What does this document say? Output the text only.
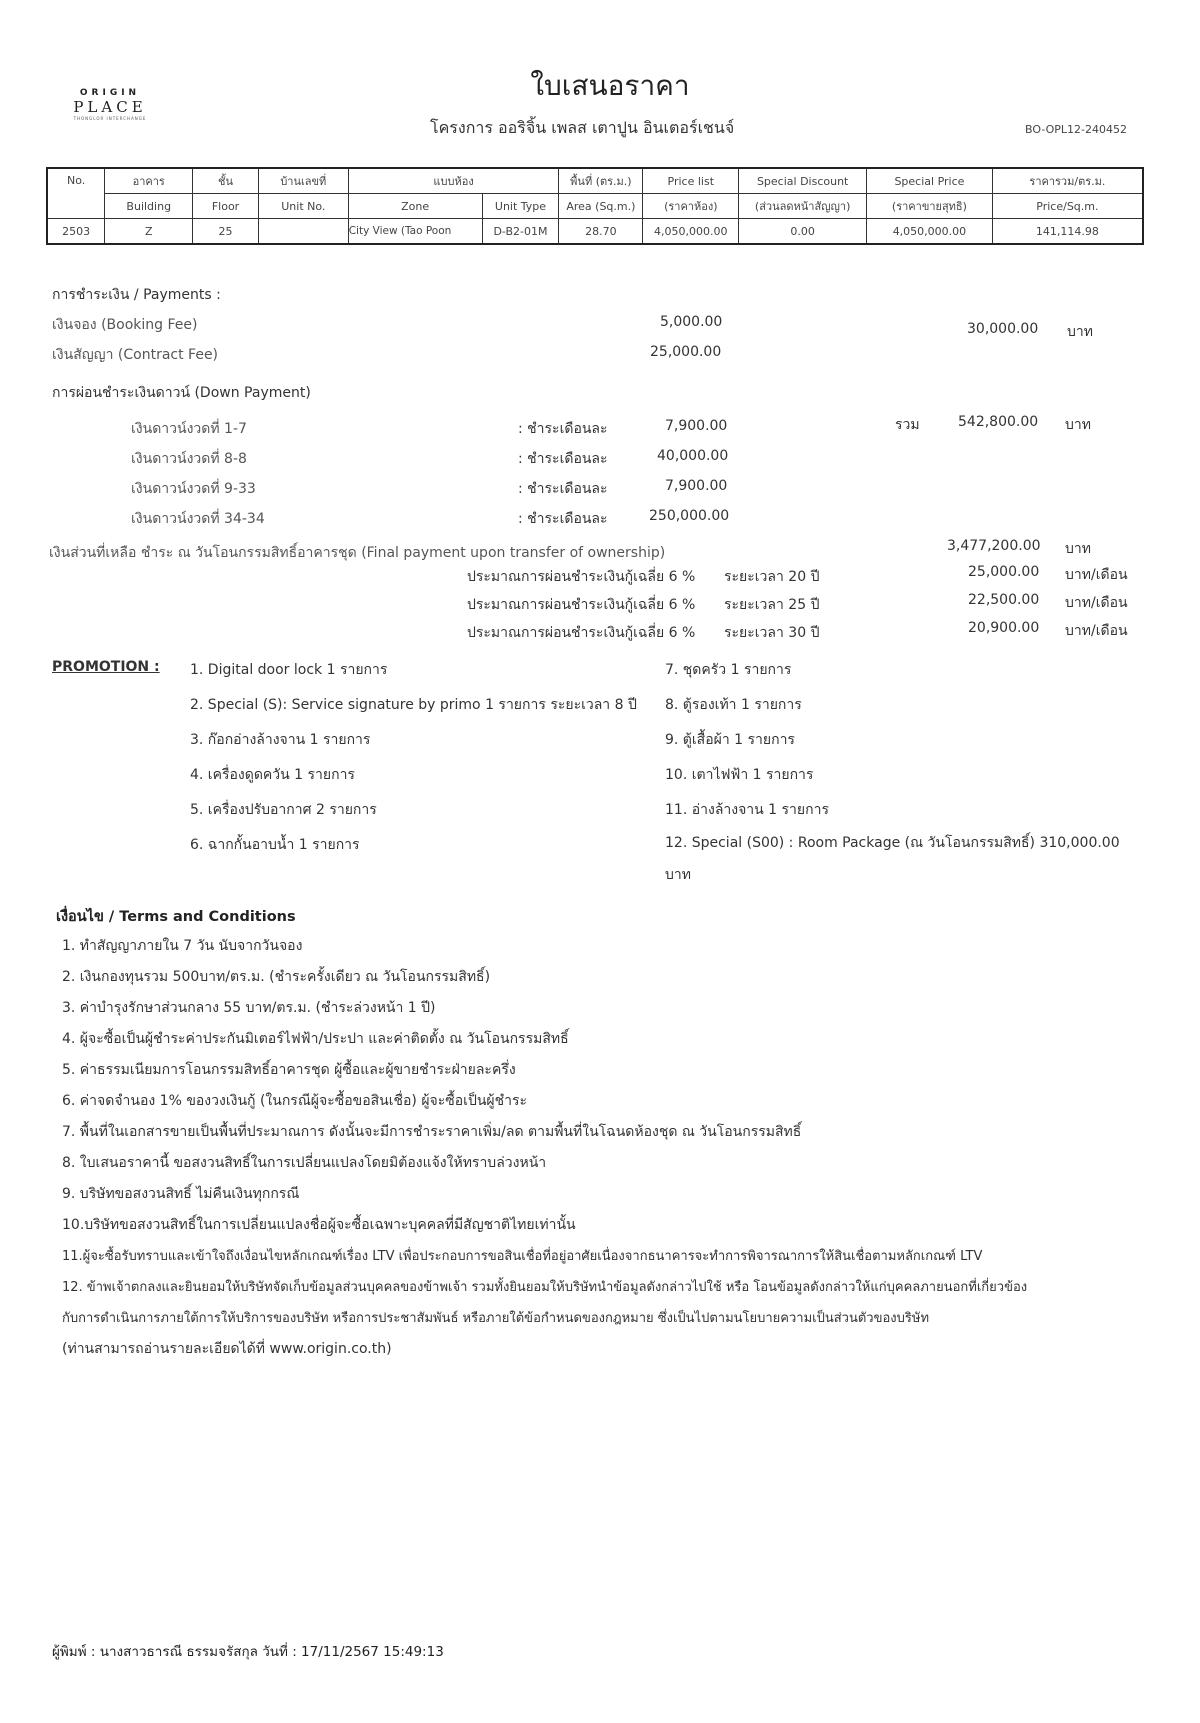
ORIGIN
PLACE
THONGLOR INTERCHANGE
ใบเสนอราคา
โครงการ ออริจิ้น เพลส เตาปูน อินเตอร์เชนจ์	BO-OPL12-240452
No.	อาคาร	ชั้น	บ้านเลขที่	แบบห้อง		พื้นที่ (ตร.ม.)	Price list	Special Discount	Special Price	ราคารวม/ตร.ม.
	Building	Floor	Unit No.	Zone	Unit Type	Area (Sq.m.)	(ราคาห้อง)	(ส่วนลดหน้าสัญญา)	(ราคาขายสุทธิ)	Price/Sq.m.
2503	Z	25		City View (Tao Poon	D-B2-01M	28.70	4,050,000.00	0.00	4,050,000.00	141,114.98
การชำระเงิน / Payments :
เงินจอง (Booking Fee)	5,000.00
เงินสัญญา (Contract Fee)	25,000.00
30,000.00 บาท
การผ่อนชำระเงินดาวน์ (Down Payment)
เงินดาวน์งวดที่ 1-7	: ชำระเดือนละ	7,900.00	รวม	542,800.00 บาท
เงินดาวน์งวดที่ 8-8	: ชำระเดือนละ	40,000.00
เงินดาวน์งวดที่ 9-33	: ชำระเดือนละ	7,900.00
เงินดาวน์งวดที่ 34-34	: ชำระเดือนละ	250,000.00
เงินส่วนที่เหลือ ชำระ ณ วันโอนกรรมสิทธิ์อาคารชุด (Final payment upon transfer of ownership)	3,477,200.00 บาท
ประมาณการผ่อนชำระเงินกู้เฉลี่ย 6 % ระยะเวลา 20 ปี	25,000.00 บาท/เดือน
ประมาณการผ่อนชำระเงินกู้เฉลี่ย 6 % ระยะเวลา 25 ปี	22,500.00 บาท/เดือน
ประมาณการผ่อนชำระเงินกู้เฉลี่ย 6 % ระยะเวลา 30 ปี	20,900.00 บาท/เดือน
PROMOTION : 1. Digital door lock 1 รายการ
2. Special (S): Service signature by primo 1 รายการ ระยะเวลา 8 ปี
3. ก๊อกอ่างล้างจาน 1 รายการ
4. เครื่องดูดควัน 1 รายการ
5. เครื่องปรับอากาศ 2 รายการ
6. ฉากกั้นอาบน้ำ 1 รายการ
7. ชุดครัว 1 รายการ
8. ตู้รองเท้า 1 รายการ
9. ตู้เสื้อผ้า 1 รายการ
10. เตาไฟฟ้า 1 รายการ
11. อ่างล้างจาน 1 รายการ
12. Special (S00) : Room Package (ณ วันโอนกรรมสิทธิ์) 310,000.00
บาท
เงื่อนไข / Terms and Conditions
1. ทำสัญญาภายใน 7 วัน นับจากวันจอง
2. เงินกองทุนรวม 500บาท/ตร.ม. (ชำระครั้งเดียว ณ วันโอนกรรมสิทธิ์)
3. ค่าบำรุงรักษาส่วนกลาง 55 บาท/ตร.ม. (ชำระล่วงหน้า 1 ปี)
4. ผู้จะซื้อเป็นผู้ชำระค่าประกันมิเตอร์ไฟฟ้า/ประปา และค่าติดตั้ง ณ วันโอนกรรมสิทธิ์
5. ค่าธรรมเนียมการโอนกรรมสิทธิ์อาคารชุด ผู้ซื้อและผู้ขายชำระฝ่ายละครึ่ง
6. ค่าจดจำนอง 1% ของวงเงินกู้ (ในกรณีผู้จะซื้อขอสินเชื่อ) ผู้จะซื้อเป็นผู้ชำระ
7. พื้นที่ในเอกสารขายเป็นพื้นที่ประมาณการ ดังนั้นจะมีการชำระราคาเพิ่ม/ลด ตามพื้นที่ในโฉนดห้องชุด ณ วันโอนกรรมสิทธิ์
8. ใบเสนอราคานี้ ขอสงวนสิทธิ์ในการเปลี่ยนแปลงโดยมิต้องแจ้งให้ทราบล่วงหน้า
9. บริษัทขอสงวนสิทธิ์ ไม่คืนเงินทุกกรณี
10.บริษัทขอสงวนสิทธิ์ในการเปลี่ยนแปลงชื่อผู้จะซื้อเฉพาะบุคคลที่มีสัญชาติไทยเท่านั้น
11.ผู้จะซื้อรับทราบและเข้าใจถึงเงื่อนไขหลักเกณฑ์เรื่อง LTV เพื่อประกอบการขอสินเชื่อที่อยู่อาศัยเนื่องจากธนาคารจะทำการพิจารณาการให้สินเชื่อตามหลักเกณฑ์ LTV
12. ข้าพเจ้าตกลงและยินยอมให้บริษัทจัดเก็บข้อมูลส่วนบุคคลของข้าพเจ้า รวมทั้งยินยอมให้บริษัทนำข้อมูลดังกล่าวไปใช้ หรือ โอนข้อมูลดังกล่าวให้แก่บุคคลภายนอกที่เกี่ยวข้อง
กับการดำเนินการภายใต้การให้บริการของบริษัท หรือการประชาสัมพันธ์ หรือภายใต้ข้อกำหนดของกฎหมาย ซึ่งเป็นไปตามนโยบายความเป็นส่วนตัวของบริษัท
(ท่านสามารถอ่านรายละเอียดได้ที่ www.origin.co.th)
ผู้พิมพ์ : นางสาวธารณี ธรรมจรัสกุล วันที่ : 17/11/2567 15:49:13
